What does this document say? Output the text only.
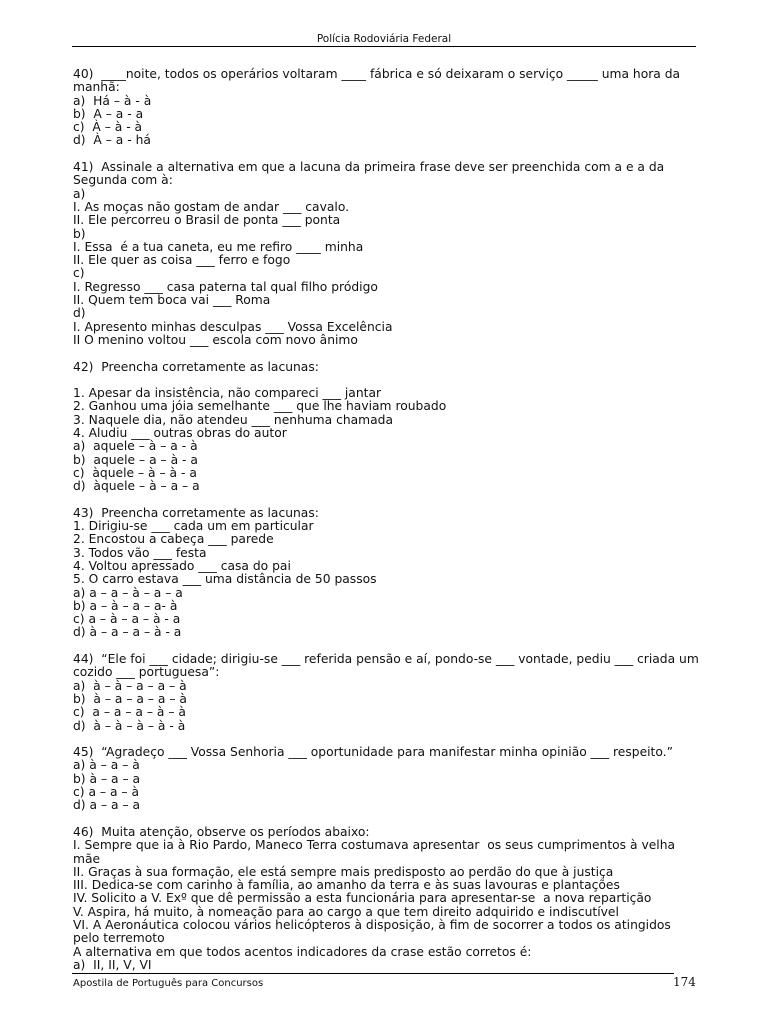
Polícia Rodoviária Federal
40)  ____noite, todos os operários voltaram ____ fábrica e só deixaram o serviço _____ uma hora da manhã:
a)  Há – à - à
b)  A – a - a
c)  À – à - à
d)  À – a - há
41)  Assinale a alternativa em que a lacuna da primeira frase deve ser preenchida com a e a da Segunda com à:
a)
I. As moças não gostam de andar ___ cavalo.
II. Ele percorreu o Brasil de ponta ___ ponta
b)
I. Essa  é a tua caneta, eu me refiro ____ minha
II. Ele quer as coisa ___ ferro e fogo
c)
I. Regresso ___ casa paterna tal qual filho pródigo
II. Quem tem boca vai ___ Roma
d)
I. Apresento minhas desculpas ___ Vossa Excelência
II O menino voltou ___ escola com novo ânimo
42)  Preencha corretamente as lacunas:
1. Apesar da insistência, não compareci ___ jantar
2. Ganhou uma jóia semelhante ___ que lhe haviam roubado
3. Naquele dia, não atendeu ___ nenhuma chamada
4. Aludiu ___ outras obras do autor
a)  aquele – à – a - à
b)  aquele – a – à - a
c)  àquele – à – à - a
d)  àquele – à – a – a
43)  Preencha corretamente as lacunas:
1. Dirigiu-se ___ cada um em particular
2. Encostou a cabeça ___ parede
3. Todos vão ___ festa
4. Voltou apressado ___ casa do pai
5. O carro estava ___ uma distância de 50 passos
a) a – a – à – a – a
b) a – à – a – a- à
c) a – à – a – à - a
d) à – a – a – à - a
44)  “Ele foi ___ cidade; dirigiu-se ___ referida pensão e aí, pondo-se ___ vontade, pediu ___ criada um cozido ___ portuguesa”:
a)  à – à – a – a – à
b)  à – a – a – a – à
c)  a – a – a – à – à
d)  à – à – à – à - à
45)  “Agradeço ___ Vossa Senhoria ___ oportunidade para manifestar minha opinião ___ respeito.”
a) à – a – à
b) à – a – a
c) a – a – à
d) a – a – a
46)  Muita atenção, observe os períodos abaixo:
I. Sempre que ia à Rio Pardo, Maneco Terra costumava apresentar  os seus cumprimentos à velha mãe
II. Graças à sua formação, ele está sempre mais predisposto ao perdão do que à justiça
III. Dedica-se com carinho à família, ao amanho da terra e às suas lavouras e plantações
IV. Solicito a V. Exº que dê permissão a esta funcionária para apresentar-se  a nova repartição
V. Aspira, há muito, à nomeação para ao cargo a que tem direito adquirido e indiscutível
VI. A Aeronáutica colocou vários helicópteros à disposição, à fim de socorrer a todos os atingidos pelo terremoto
A alternativa em que todos acentos indicadores da crase estão corretos é:
a)  II, II, V, VI
Apostila de Português para Concursos	174
